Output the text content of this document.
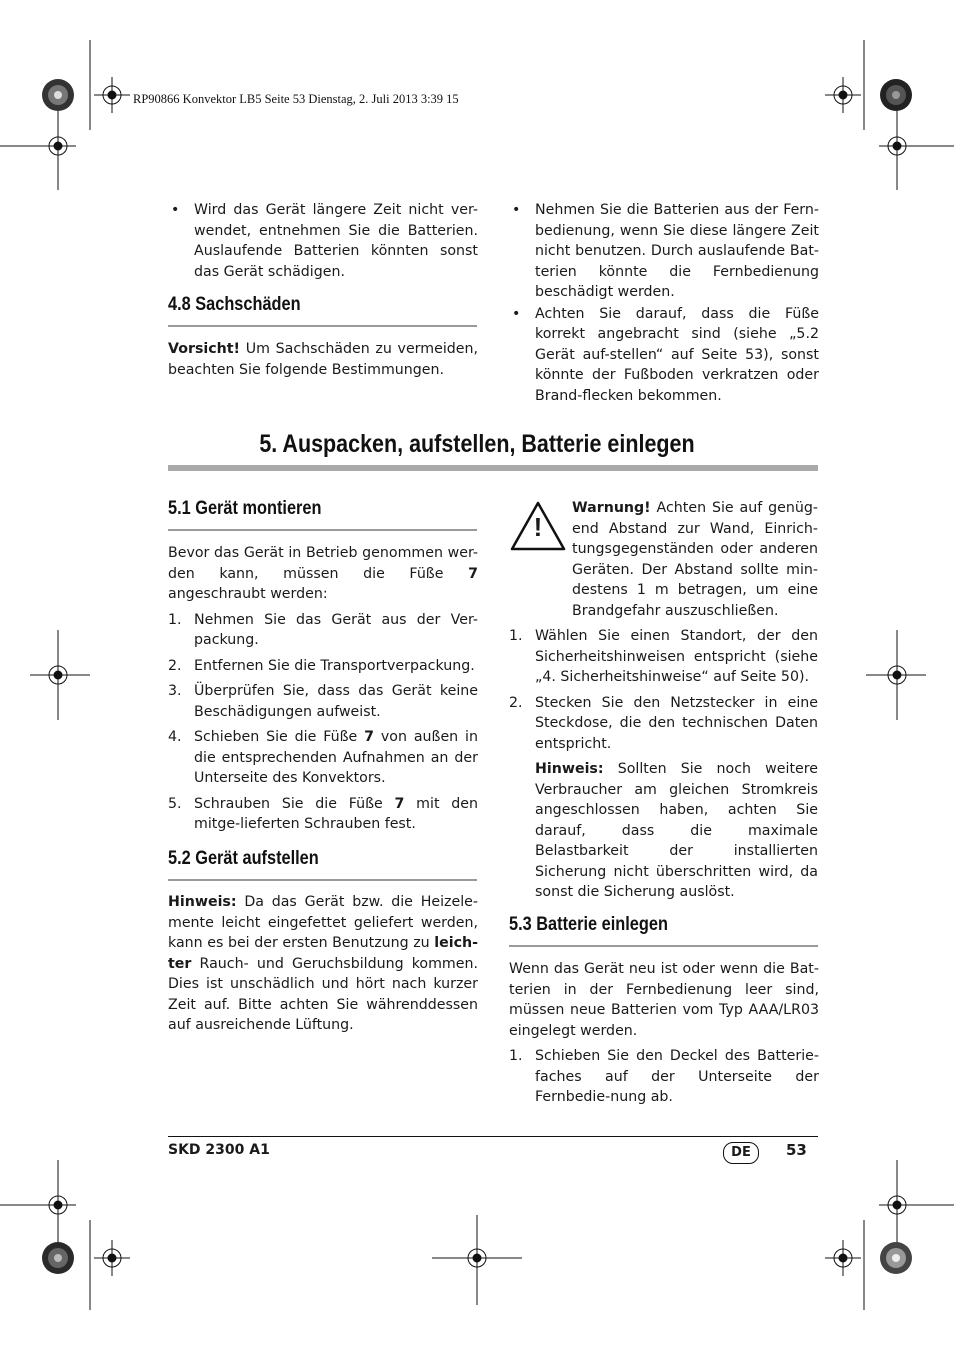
RP90866 Konvektor LB5 Seite 53 Dienstag, 2. Juli 2013 3:39 15
• Wird das Gerät längere Zeit nicht ver-wendet, entnehmen Sie die Batterien. Auslaufende Batterien könnten sonst das Gerät schädigen.
4.8 Sachschäden

Vorsicht! Um Sachschäden zu vermeiden, beachten Sie folgende Bestimmungen.

• Nehmen Sie die Batterien aus der Fern-bedienung, wenn Sie diese längere Zeit nicht benutzen. Durch auslaufende Bat-terien könnte die Fernbedienung beschädigt werden.
• Achten Sie darauf, dass die Füße korrekt angebracht sind (siehe „5.2 Gerät auf-stellen“ auf Seite 53), sonst könnte der Fußboden verkratzen oder Brand-flecken bekommen.
5. Auspacken, aufstellen, Batterie einlegen
5.1 Gerät montieren

Bevor das Gerät in Betrieb genommen wer-den kann, müssen die Füße 7 angeschraubt werden:

1. Nehmen Sie das Gerät aus der Ver-packung.
2. Entfernen Sie die Transportverpackung.
3. Überprüfen Sie, dass das Gerät keine Beschädigungen aufweist.
4. Schieben Sie die Füße 7 von außen in die entsprechenden Aufnahmen an der Unterseite des Konvektors.
5. Schrauben Sie die Füße 7 mit den mitge-lieferten Schrauben fest.
5.2 Gerät aufstellen

Hinweis: Da das Gerät bzw. die Heizele-mente leicht eingefettet geliefert werden, kann es bei der ersten Benutzung zu leich-ter Rauch- und Geruchsbildung kommen. Dies ist unschädlich und hört nach kurzer Zeit auf. Bitte achten Sie währenddessen auf ausreichende Lüftung.

!

Warnung! Achten Sie auf genüg-end Abstand zur Wand, Einrich-tungsgegenständen oder anderen Geräten. Der Abstand sollte min-destens 1 m betragen, um eine Brandgefahr auszuschließen.

1. Wählen Sie einen Standort, der den Sicherheitshinweisen entspricht (siehe „4. Sicherheitshinweise“ auf Seite 50).
2. Stecken Sie den Netzstecker in eine Steckdose, die den technischen Daten entspricht.
Hinweis: Sollten Sie noch weitere Verbraucher am gleichen Stromkreis angeschlossen haben, achten Sie darauf, dass die maximale Belastbarkeit der installierten Sicherung nicht überschritten wird, da sonst die Sicherung auslöst.
5.3 Batterie einlegen

Wenn das Gerät neu ist oder wenn die Bat-terien in der Fernbedienung leer sind, müssen neue Batterien vom Typ AAA/LR03 eingelegt werden.

1. Schieben Sie den Deckel des Batterie-faches auf der Unterseite der Fernbedie-nung ab.
SKD 2300 A1	DE	53
